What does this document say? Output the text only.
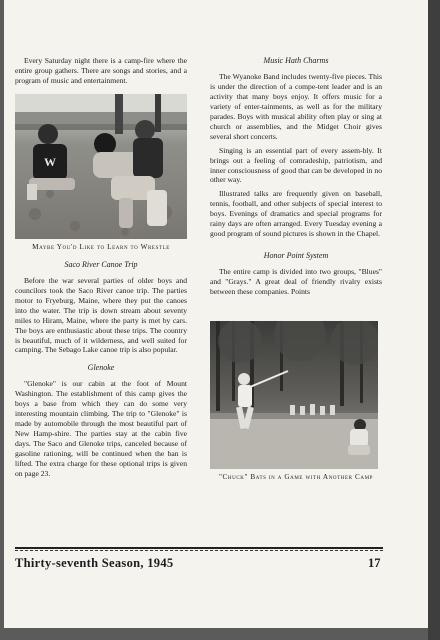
Every Saturday night there is a camp-fire where the entire group gathers. There are songs and stories, and a program of music and entertainment.

W
Maybe You'd Like to Learn to Wrestle
Saco River Canoe Trip

Before the war several parties of older boys and councilors took the Saco River canoe trip. The parties motor to Fryeburg, Maine, where they put the canoes into the water. The trip is down stream about seventy miles to Hiram, Maine, where the party is met by cars. The boys are enthusiastic about these trips. The country is beautiful, much of it wilderness, and well suited for camping. The Sebago Lake canoe trip is also popular.

Glenoke

"Glenoke" is our cabin at the foot of Mount Washington. The establishment of this camp gives the boys a base from which they can do some very interesting mountain climbing. The trip to "Glenoke" is made by automobile through the most beautiful part of New Hamp-shire. The parties stay at the cabin five days. The Saco and Glenoke trips, canceled because of gasoline rationing, will be continued when the ban is lifted. The extra charge for these optional trips is given on page 23.

Music Hath Charms

The Wyanoke Band includes twenty-five pieces. This is under the direction of a compe-tent leader and is an activity that many boys enjoy. It offers music for a variety of enter-tainments, as well as for the military parades. Boys with musical ability often play or sing at church or assemblies, and the Midget Choir gives several short concerts.

Singing is an essential part of every assem-bly. It brings out a feeling of comradeship, patriotism, and inner consciousness of good that can be developed in no other way.

Illustrated talks are frequently given on baseball, tennis, football, and other subjects of special interest to boys. Evenings of dramatics and special programs for rainy days are often arranged. Every Tuesday evening a good program of sound pictures is shown in the Chapel.

Honor Point System

The entire camp is divided into two groups, "Blues" and "Grays." A great deal of friendly rivalry exists between these companies. Points

"Chuck" Bats in a Game with Another Camp
Thirty-seventh Season, 1945	17
